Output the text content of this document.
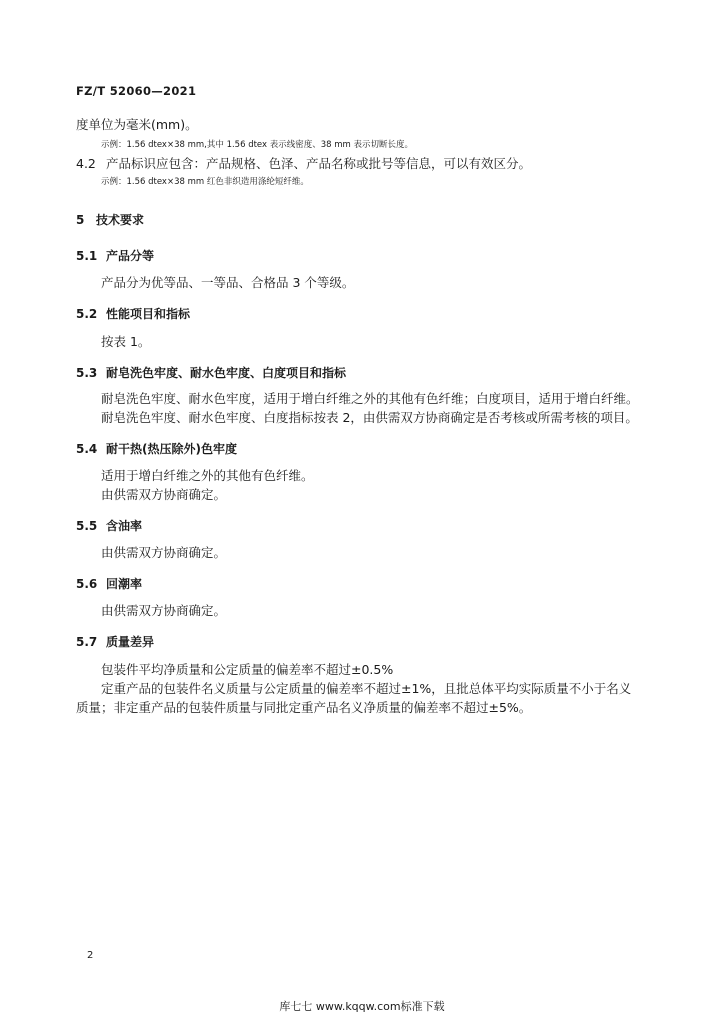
FZ/T 52060—2021
度单位为毫米(mm)。
示例：1.56 dtex×38 mm,其中 1.56 dtex 表示线密度、38 mm 表示切断长度。
4.2 产品标识应包含：产品规格、色泽、产品名称或批号等信息，可以有效区分。
示例：1.56 dtex×38 mm 红色非织造用涤纶短纤维。
5 技术要求
5.1 产品分等
产品分为优等品、一等品、合格品 3 个等级。
5.2 性能项目和指标
按表 1。
5.3 耐皂洗色牢度、耐水色牢度、白度项目和指标
耐皂洗色牢度、耐水色牢度，适用于增白纤维之外的其他有色纤维；白度项目，适用于增白纤维。
耐皂洗色牢度、耐水色牢度、白度指标按表 2，由供需双方协商确定是否考核或所需考核的项目。
5.4 耐干热(热压除外)色牢度
适用于增白纤维之外的其他有色纤维。
由供需双方协商确定。
5.5 含油率
由供需双方协商确定。
5.6 回潮率
由供需双方协商确定。
5.7 质量差异
包装件平均净质量和公定质量的偏差率不超过±0.5%
定重产品的包装件名义质量与公定质量的偏差率不超过±1%，且批总体平均实际质量不小于名义
质量；非定重产品的包装件质量与同批定重产品名义净质量的偏差率不超过±5%。
2
库七七 www.kqqw.com标准下载
